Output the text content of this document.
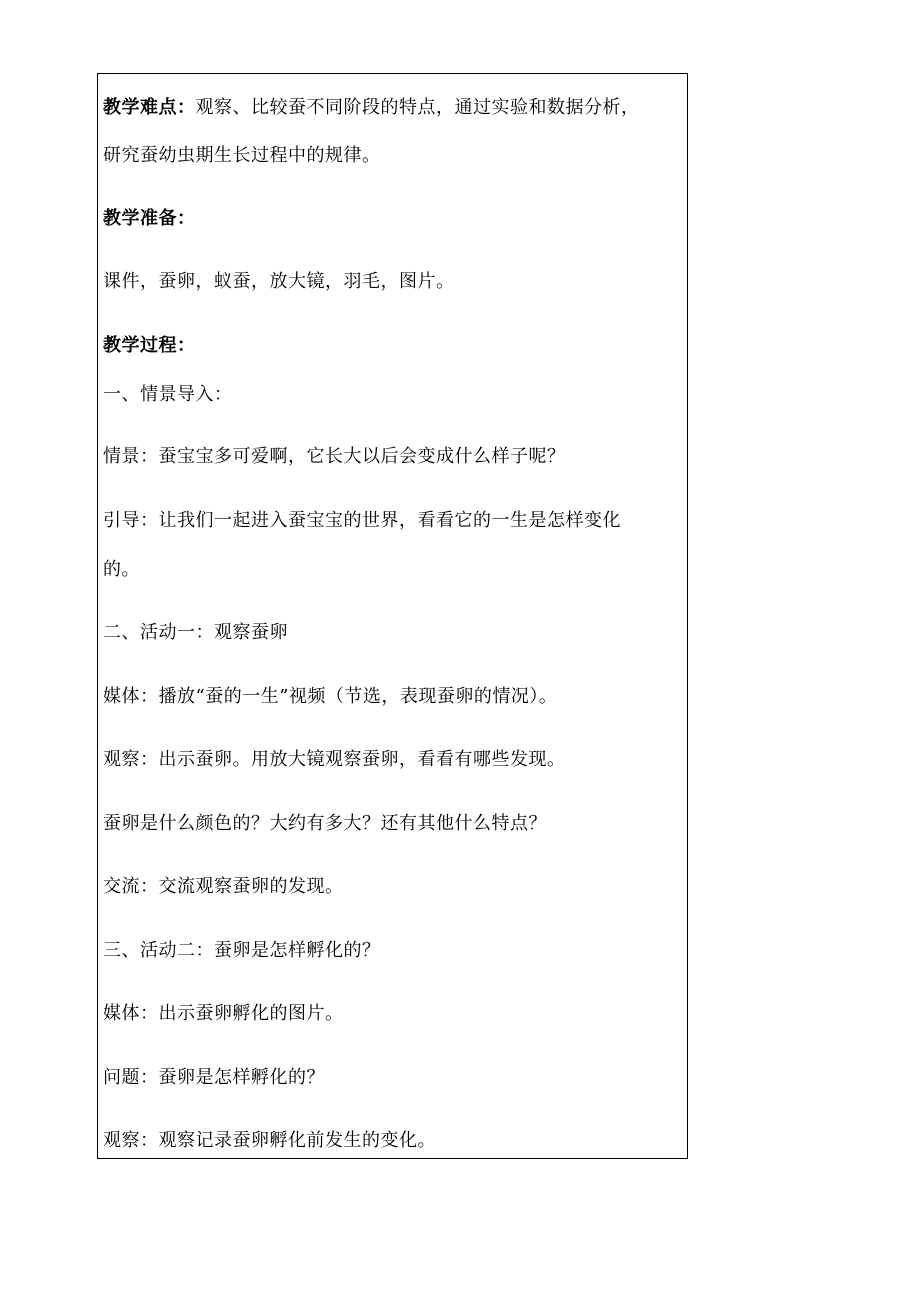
教学难点：观察、比较蚕不同阶段的特点，通过实验和数据分析，
研究蚕幼虫期生长过程中的规律。
教学准备：
课件，蚕卵，蚁蚕，放大镜，羽毛，图片。
教学过程：
一、情景导入：
情景：蚕宝宝多可爱啊，它长大以后会变成什么样子呢？
引导：让我们一起进入蚕宝宝的世界，看看它的一生是怎样变化
的。
二、活动一：观察蚕卵
媒体：播放“蚕的一生”视频（节选，表现蚕卵的情况）。
观察：出示蚕卵。用放大镜观察蚕卵，看看有哪些发现。
蚕卵是什么颜色的？大约有多大？还有其他什么特点？
交流：交流观察蚕卵的发现。
三、活动二：蚕卵是怎样孵化的？
媒体：出示蚕卵孵化的图片。
问题：蚕卵是怎样孵化的？
观察：观察记录蚕卵孵化前发生的变化。
